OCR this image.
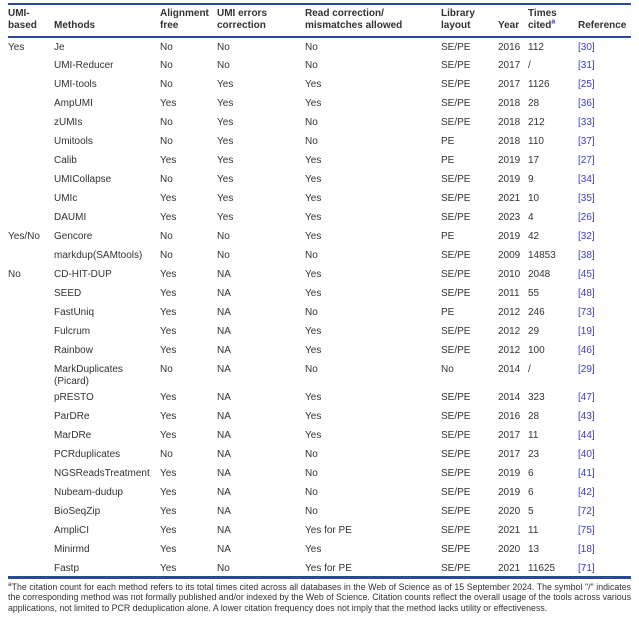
UMI-based	Methods	Alignment free	UMI errors correction	Read correction/ mismatches allowed	Library layout	Year	Times cited$^a$	Reference
Yes	Je	No	No	No	SE/PE	2016	112	[30]
	UMI-Reducer	No	No	No	SE/PE	2017	/	[31]
	UMI-tools	No	Yes	Yes	SE/PE	2017	1126	[25]
	AmpUMI	Yes	Yes	Yes	SE/PE	2018	28	[36]
	zUMIs	No	Yes	No	SE/PE	2018	212	[33]
	Umitools	No	Yes	No	PE	2018	110	[37]
	Calib	Yes	Yes	Yes	PE	2019	17	[27]
	UMICollapse	No	Yes	Yes	SE/PE	2019	9	[34]
	UMIc	Yes	Yes	Yes	SE/PE	2021	10	[35]
	DAUMI	Yes	Yes	Yes	SE/PE	2023	4	[26]
Yes/No	Gencore	No	No	Yes	PE	2019	42	[32]
	markdup(SAMtools)	No	No	No	SE/PE	2009	14853	[38]
No	CD-HIT-DUP	Yes	NA	Yes	SE/PE	2010	2048	[45]
	SEED	Yes	NA	Yes	SE/PE	2011	55	[48]
	FastUniq	Yes	NA	No	PE	2012	246	[73]
	Fulcrum	Yes	NA	Yes	SE/PE	2012	29	[19]
	Rainbow	Yes	NA	Yes	SE/PE	2012	100	[46]
	MarkDuplicates (Picard)	No	NA	No	No	2014	/	[29]
	pRESTO	Yes	NA	Yes	SE/PE	2014	323	[47]
	ParDRe	Yes	NA	Yes	SE/PE	2016	28	[43]
	MarDRe	Yes	NA	Yes	SE/PE	2017	11	[44]
	PCRduplicates	No	NA	No	SE/PE	2017	23	[40]
	NGSReadsTreatment	Yes	NA	No	SE/PE	2019	6	[41]
	Nubeam-dudup	Yes	NA	No	SE/PE	2019	6	[42]
	BioSeqZip	Yes	NA	No	SE/PE	2020	5	[72]
	AmpliCI	Yes	NA	Yes for PE	SE/PE	2021	11	[75]
	Minirmd	Yes	NA	Yes	SE/PE	2020	13	[18]
	Fastp	Yes	No	Yes for PE	SE/PE	2021	11625	[71]
$^a$The citation count for each method refers to its total times cited across all databases in the Web of Science as of 15 September 2024. The symbol "/" indicates the corresponding method was not formally published and/or indexed by the Web of Science. Citation counts reflect the overall usage of the tools across various applications, not limited to PCR deduplication alone. A lower citation frequency does not imply that the method lacks utility or effectiveness.
